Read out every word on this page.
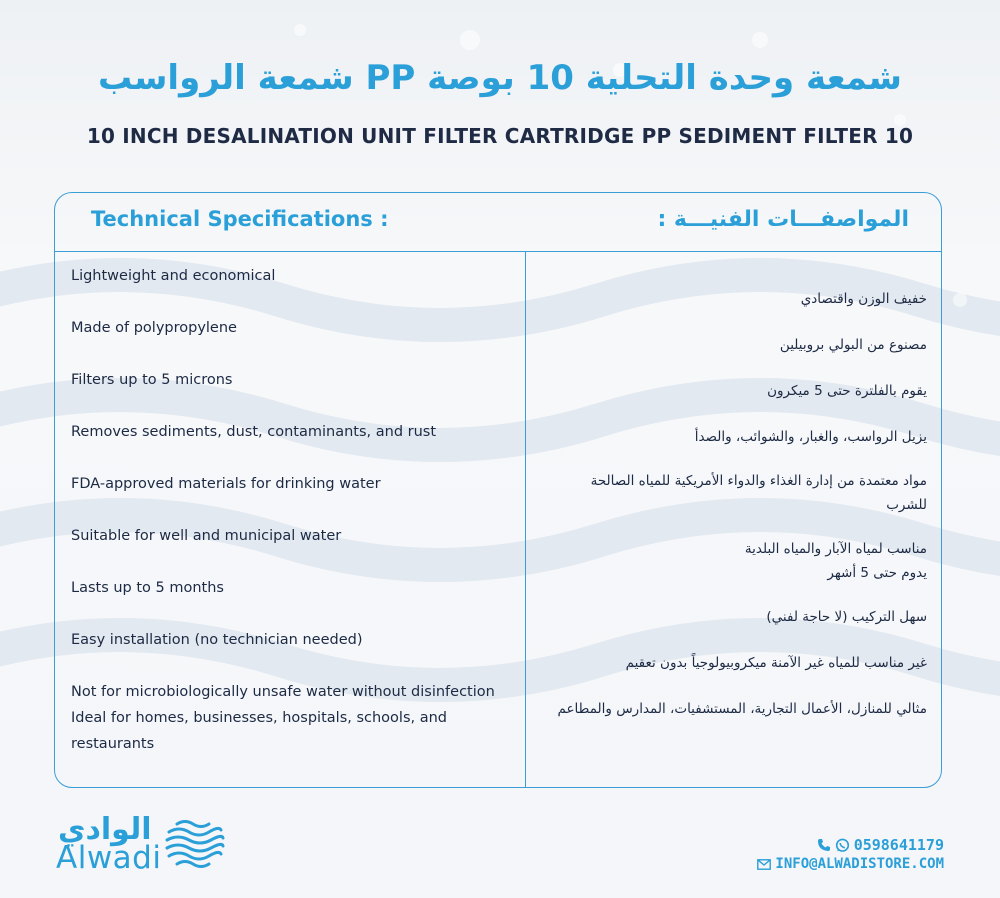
شمعة وحدة التحلية 10 بوصة PP شمعة الرواسب
10 INCH DESALINATION UNIT FILTER CARTRIDGE PP SEDIMENT FILTER 10
Technical Specifications :	المواصفـــات الفنيـــة :
Lightweight and economical
Made of polypropylene
Filters up to 5 microns
Removes sediments, dust, contaminants, and rust
FDA-approved materials for drinking water
Suitable for well and municipal water
Lasts up to 5 months
Easy installation (no technician needed)
Not for microbiologically unsafe water without disinfection
Ideal for homes, businesses, hospitals, schools, and restaurants
خفيف الوزن واقتصادي
مصنوع من البولي بروبيلين
يقوم بالفلترة حتى 5 ميكرون
يزيل الرواسب، والغبار، والشوائب، والصدأ
مواد معتمدة من إدارة الغذاء والدواء الأمريكية للمياه الصالحة للشرب
مناسب لمياه الآبار والمياه البلدية
يدوم حتى 5 أشهر
سهل التركيب (لا حاجة لفني)
غير مناسب للمياه غير الآمنة ميكروبيولوجياً بدون تعقيم
مثالي للمنازل، الأعمال التجارية، المستشفيات، المدارس والمطاعم
الوادي
Alwadi	0598641179
INFO@ALWADISTORE.COM
